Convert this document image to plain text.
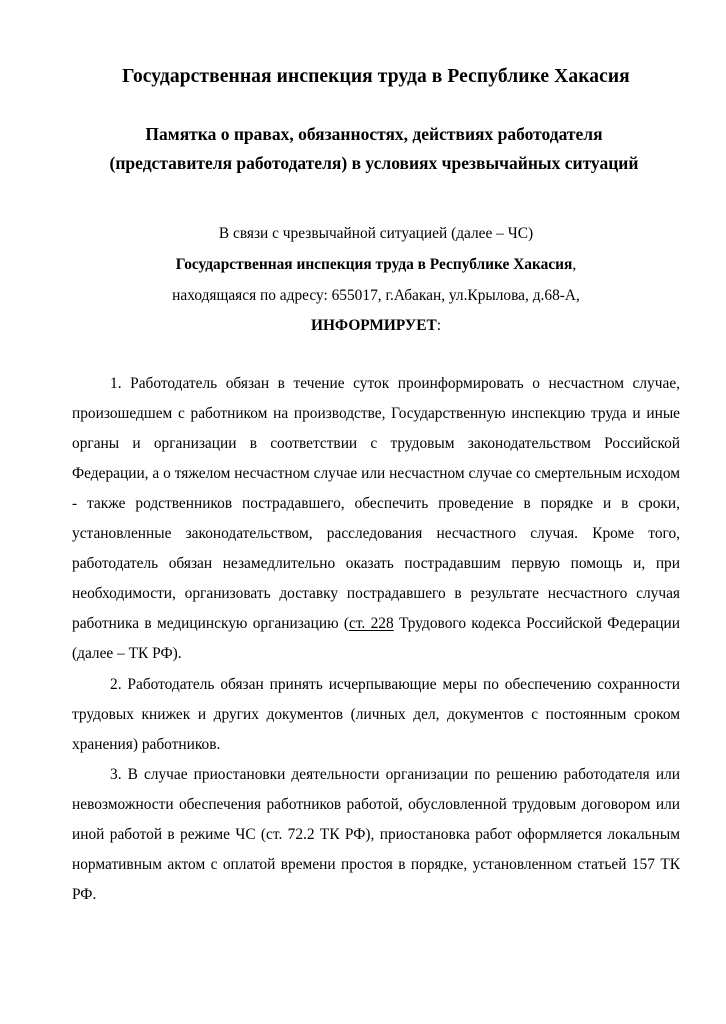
Государственная инспекция труда в Республике Хакасия
Памятка о правах, обязанностях, действиях работодателя
(представителя работодателя) в условиях чрезвычайных ситуаций
В связи с чрезвычайной ситуацией (далее – ЧС)
Государственная инспекция труда в Республике Хакасия,
находящаяся по адресу: 655017, г.Абакан, ул.Крылова, д.68-А,
ИНФОРМИРУЕТ:

1. Работодатель обязан в течение суток проинформировать о несчастном случае, произошедшем с работником на производстве, Государственную инспекцию труда и иные органы и организации в соответствии с трудовым законодательством Российской Федерации, а о тяжелом несчастном случае или несчастном случае со смертельным исходом - также родственников пострадавшего, обеспечить проведение в порядке и в сроки, установленные законодательством, расследования несчастного случая. Кроме того, работодатель обязан незамедлительно оказать пострадавшим первую помощь и, при необходимости, организовать доставку пострадавшего в результате несчастного случая работника в медицинскую организацию (ст. 228 Трудового кодекса Российской Федерации (далее – ТК РФ).

2. Работодатель обязан принять исчерпывающие меры по обеспечению сохранности трудовых книжек и других документов (личных дел, документов с постоянным сроком хранения) работников.

3. В случае приостановки деятельности организации по решению работодателя или невозможности обеспечения работников работой, обусловленной трудовым договором или иной работой в режиме ЧС (ст. 72.2 ТК РФ), приостановка работ оформляется локальным нормативным актом с оплатой времени простоя в порядке, установленном статьей 157 ТК РФ.
